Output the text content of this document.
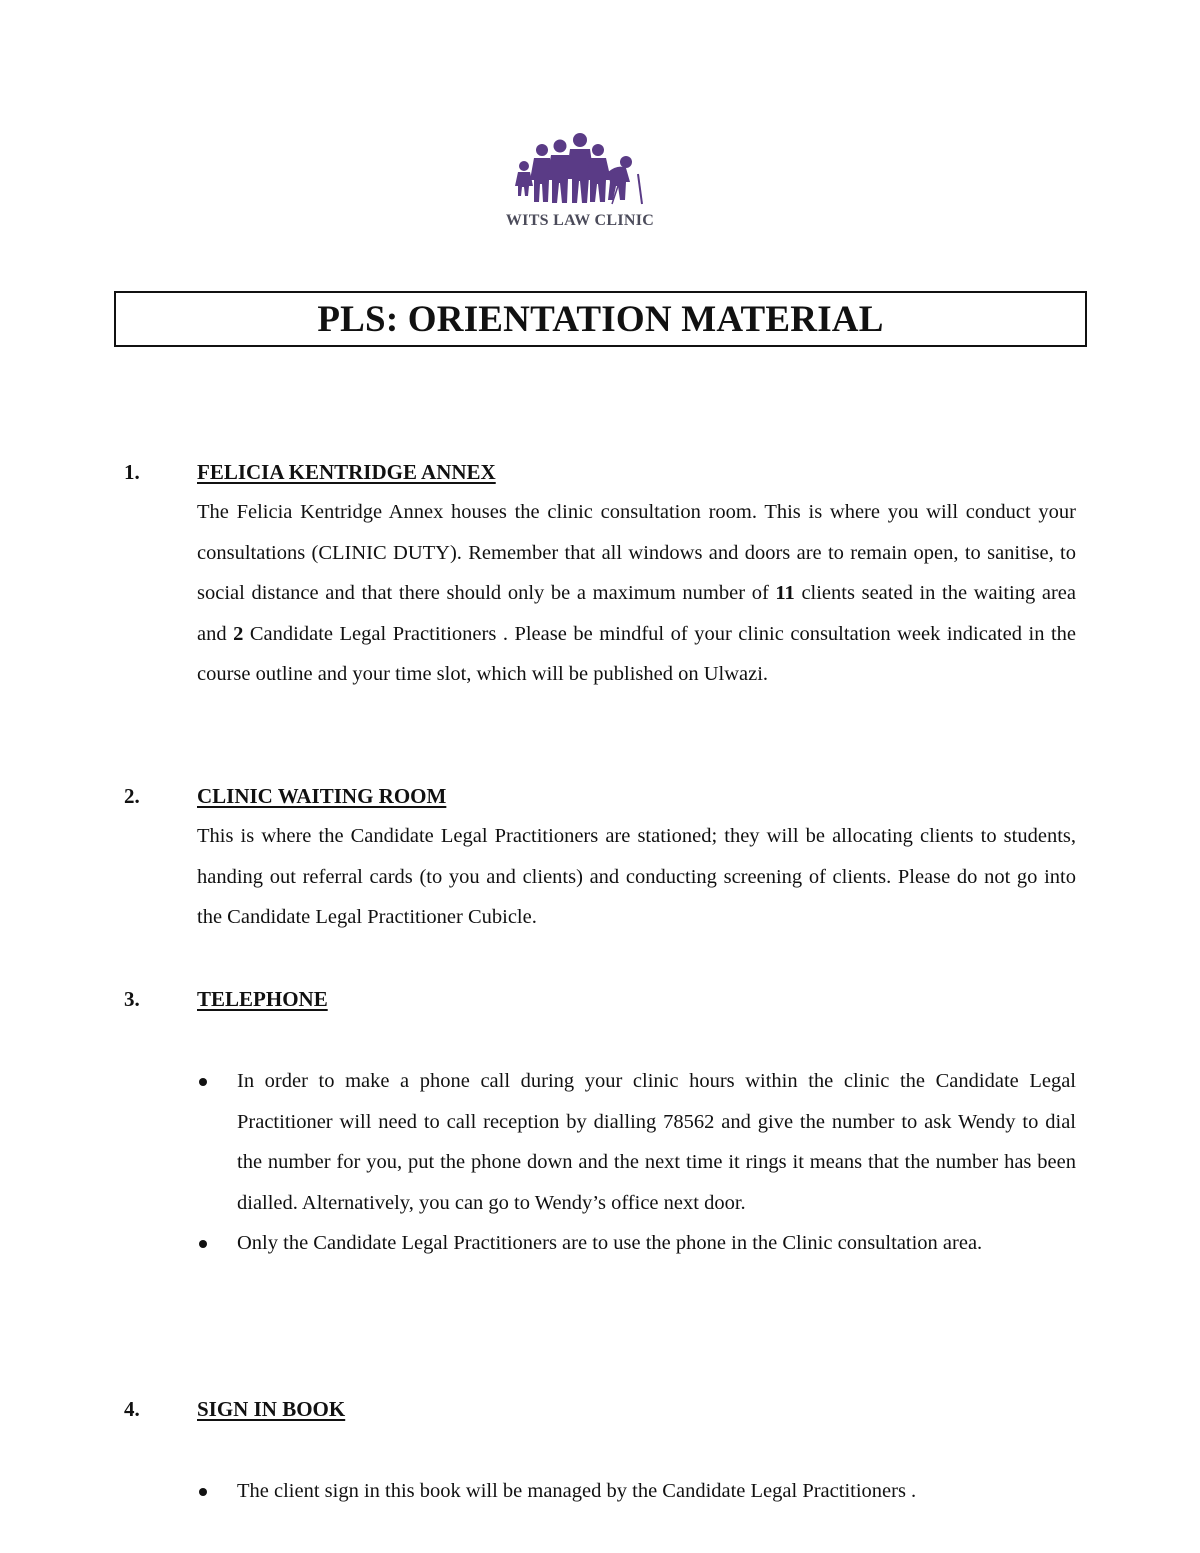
WITS LAW CLINIC
PLS: ORIENTATION MATERIAL
1.	FELICIA KENTRIDGE ANNEX
The Felicia Kentridge Annex houses the clinic consultation room. This is where you will conduct your consultations (CLINIC DUTY). Remember that all windows and doors are to remain open, to sanitise, to social distance and that there should only be a maximum number of 11 clients seated in the waiting area and 2 Candidate Legal Practitioners . Please be mindful of your clinic consultation week indicated in the course outline and your time slot, which will be published on Ulwazi.
2.	CLINIC WAITING ROOM
This is where the Candidate Legal Practitioners are stationed; they will be allocating clients to students, handing out referral cards (to you and clients) and conducting screening of clients. Please do not go into the Candidate Legal Practitioner Cubicle.
3.	TELEPHONE
In order to make a phone call during your clinic hours within the clinic the Candidate Legal Practitioner will need to call reception by dialling 78562 and give the number to ask Wendy to dial the number for you, put the phone down and the next time it rings it means that the number has been dialled. Alternatively, you can go to Wendy’s office next door.
Only the Candidate Legal Practitioners are to use the phone in the Clinic consultation area.
4.	SIGN IN BOOK
The client sign in this book will be managed by the Candidate Legal Practitioners .
